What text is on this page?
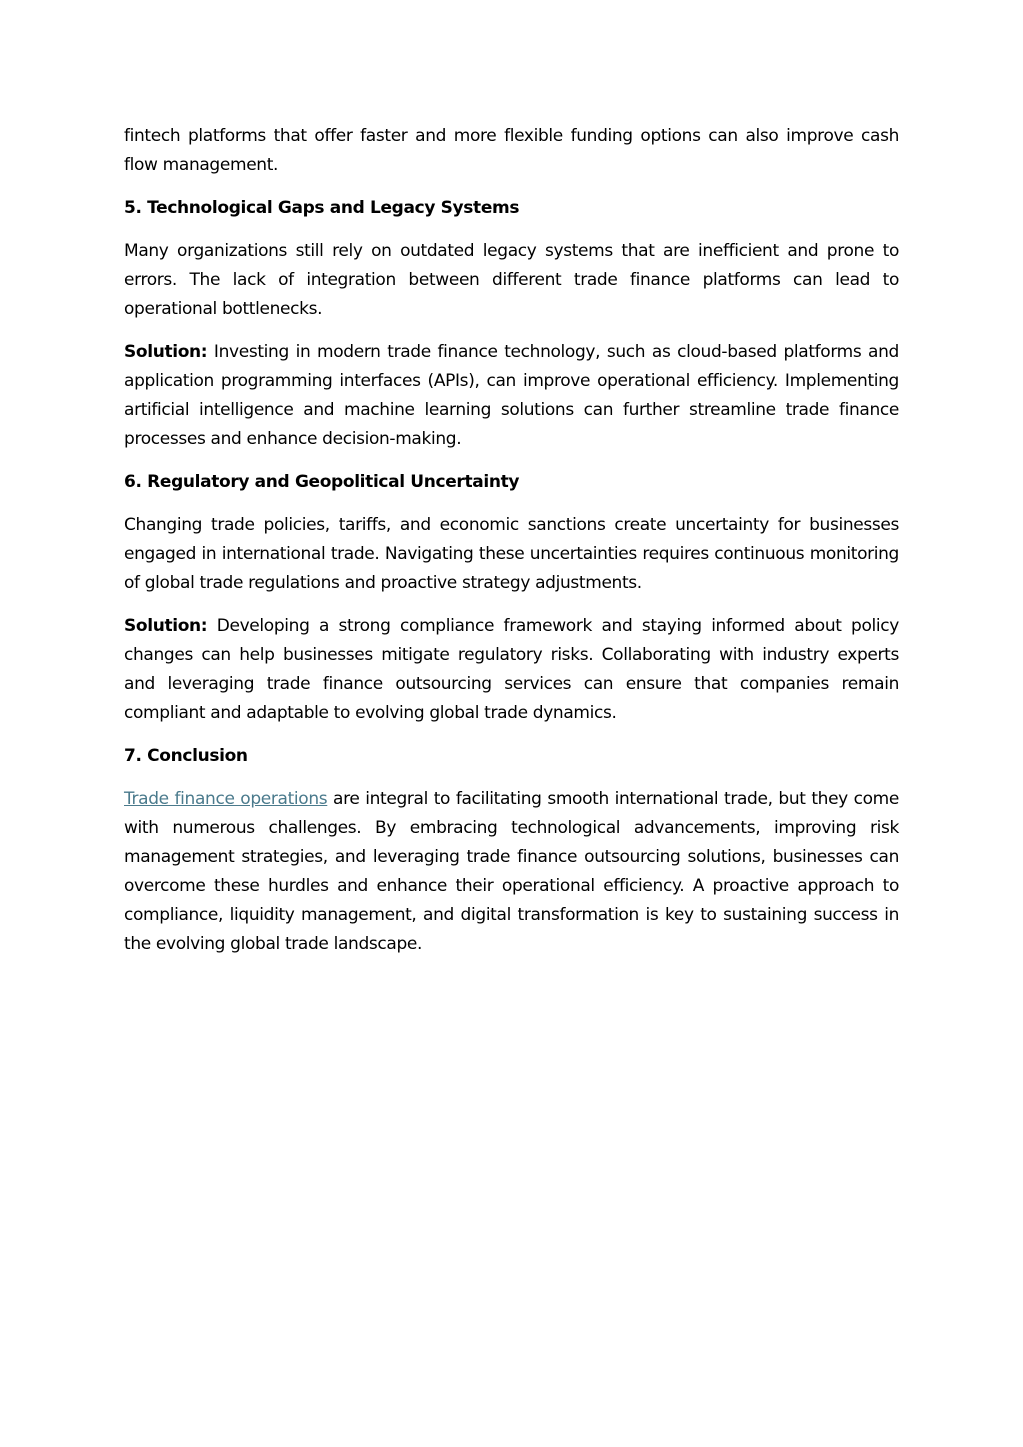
fintech platforms that offer faster and more flexible funding options can also improve cash flow management.

5. Technological Gaps and Legacy Systems

Many organizations still rely on outdated legacy systems that are inefficient and prone to errors. The lack of integration between different trade finance platforms can lead to operational bottlenecks.

Solution: Investing in modern trade finance technology, such as cloud-based platforms and application programming interfaces (APIs), can improve operational efficiency. Implementing artificial intelligence and machine learning solutions can further streamline trade finance processes and enhance decision-making.

6. Regulatory and Geopolitical Uncertainty

Changing trade policies, tariffs, and economic sanctions create uncertainty for businesses engaged in international trade. Navigating these uncertainties requires continuous monitoring of global trade regulations and proactive strategy adjustments.

Solution: Developing a strong compliance framework and staying informed about policy changes can help businesses mitigate regulatory risks. Collaborating with industry experts and leveraging trade finance outsourcing services can ensure that companies remain compliant and adaptable to evolving global trade dynamics.

7. Conclusion

Trade finance operations are integral to facilitating smooth international trade, but they come with numerous challenges. By embracing technological advancements, improving risk management strategies, and leveraging trade finance outsourcing solutions, businesses can overcome these hurdles and enhance their operational efficiency. A proactive approach to compliance, liquidity management, and digital transformation is key to sustaining success in the evolving global trade landscape.
